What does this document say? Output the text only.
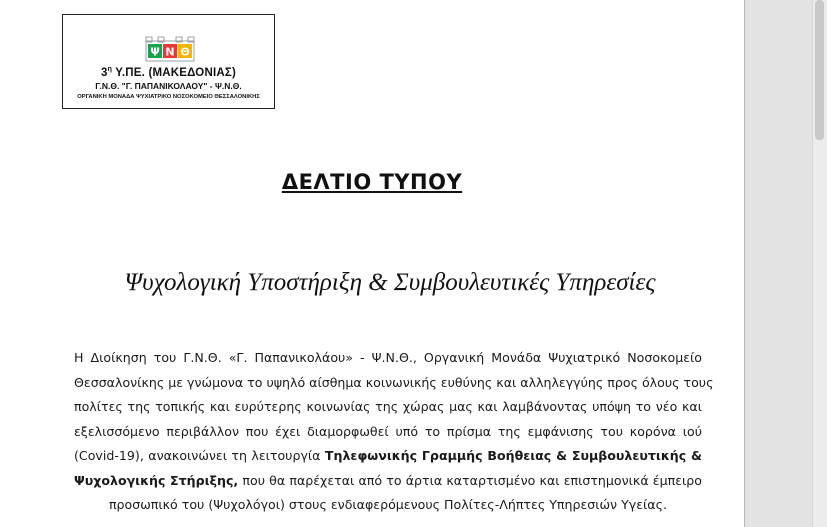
Ψ Ν Θ
$3^\eta$ Υ.ΠΕ. (ΜΑΚΕΔΟΝΙΑΣ)
Γ.Ν.Θ. "Γ. ΠΑΠΑΝΙΚΟΛΑΟΥ" - Ψ.Ν.Θ.
ΟΡΓΑΝΙΚΗ ΜΟΝΑΔΑ ΨΥΧΙΑΤΡΙΚΟ ΝΟΣΟΚΟΜΕΙΟ ΘΕΣΣΑΛΟΝΙΚΗΣ
ΔΕΛΤΙΟ ΤΥΠΟΥ
Ψυχολογική Υποστήριξη & Συμβουλευτικές Υπηρεσίες
Η Διοίκηση του Γ.Ν.Θ. «Γ. Παπανικολάου» - Ψ.Ν.Θ., Οργανική Μονάδα Ψυχιατρικό Νοσοκομείο
Θεσσαλονίκης με γνώμονα το υψηλό αίσθημα κοινωνικής ευθύνης και αλληλεγγύης προς όλους τους
πολίτες της τοπικής και ευρύτερης κοινωνίας της χώρας μας και λαμβάνοντας υπόψη το νέο και
εξελισσόμενο περιβάλλον που έχει διαμορφωθεί υπό το πρίσμα της εμφάνισης του κορόνα ιού
(Covid-19), ανακοινώνει τη λειτουργία Τηλεφωνικής Γραμμής Βοήθειας & Συμβουλευτικής &
Ψυχολογικής Στήριξης, που θα παρέχεται από το άρτια καταρτισμένο και επιστημονικά έμπειρο
προσωπικό του (Ψυχολόγοι) στους ενδιαφερόμενους Πολίτες-Λήπτες Υπηρεσιών Υγείας.
